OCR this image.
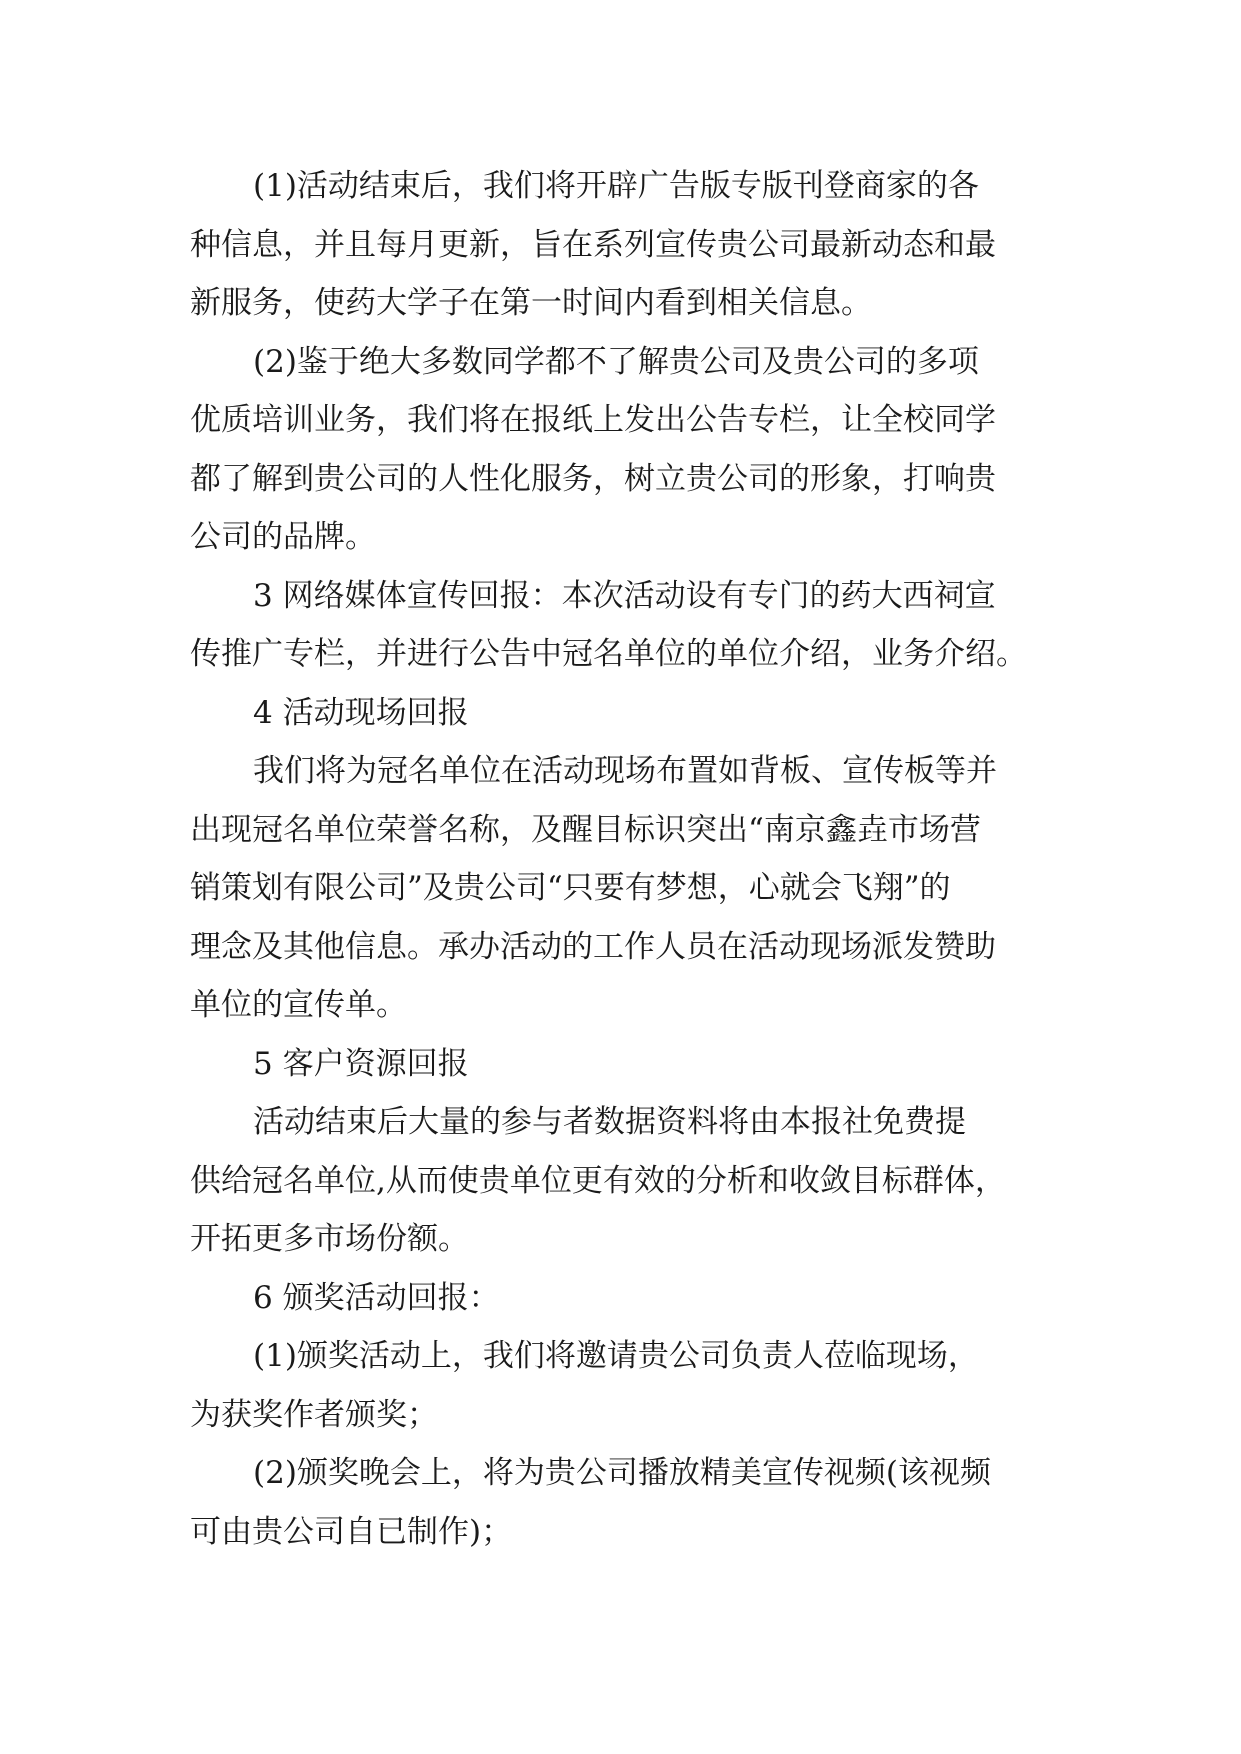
(1)活动结束后，我们将开辟广告版专版刊登商家的各
种信息，并且每月更新，旨在系列宣传贵公司最新动态和最
新服务，使药大学子在第一时间内看到相关信息。
(2)鉴于绝大多数同学都不了解贵公司及贵公司的多项
优质培训业务，我们将在报纸上发出公告专栏，让全校同学
都了解到贵公司的人性化服务，树立贵公司的形象，打响贵
公司的品牌。
3 网络媒体宣传回报：本次活动设有专门的药大西祠宣
传推广专栏，并进行公告中冠名单位的单位介绍，业务介绍。
4 活动现场回报
我们将为冠名单位在活动现场布置如背板、宣传板等并
出现冠名单位荣誉名称，及醒目标识突出“南京鑫垚市场营
销策划有限公司”及贵公司“只要有梦想，心就会飞翔”的
理念及其他信息。承办活动的工作人员在活动现场派发赞助
单位的宣传单。
5 客户资源回报
活动结束后大量的参与者数据资料将由本报社免费提
供给冠名单位,从而使贵单位更有效的分析和收敛目标群体，
开拓更多市场份额。
6 颁奖活动回报：
(1)颁奖活动上，我们将邀请贵公司负责人莅临现场，
为获奖作者颁奖；
(2)颁奖晚会上，将为贵公司播放精美宣传视频(该视频
可由贵公司自已制作)；
